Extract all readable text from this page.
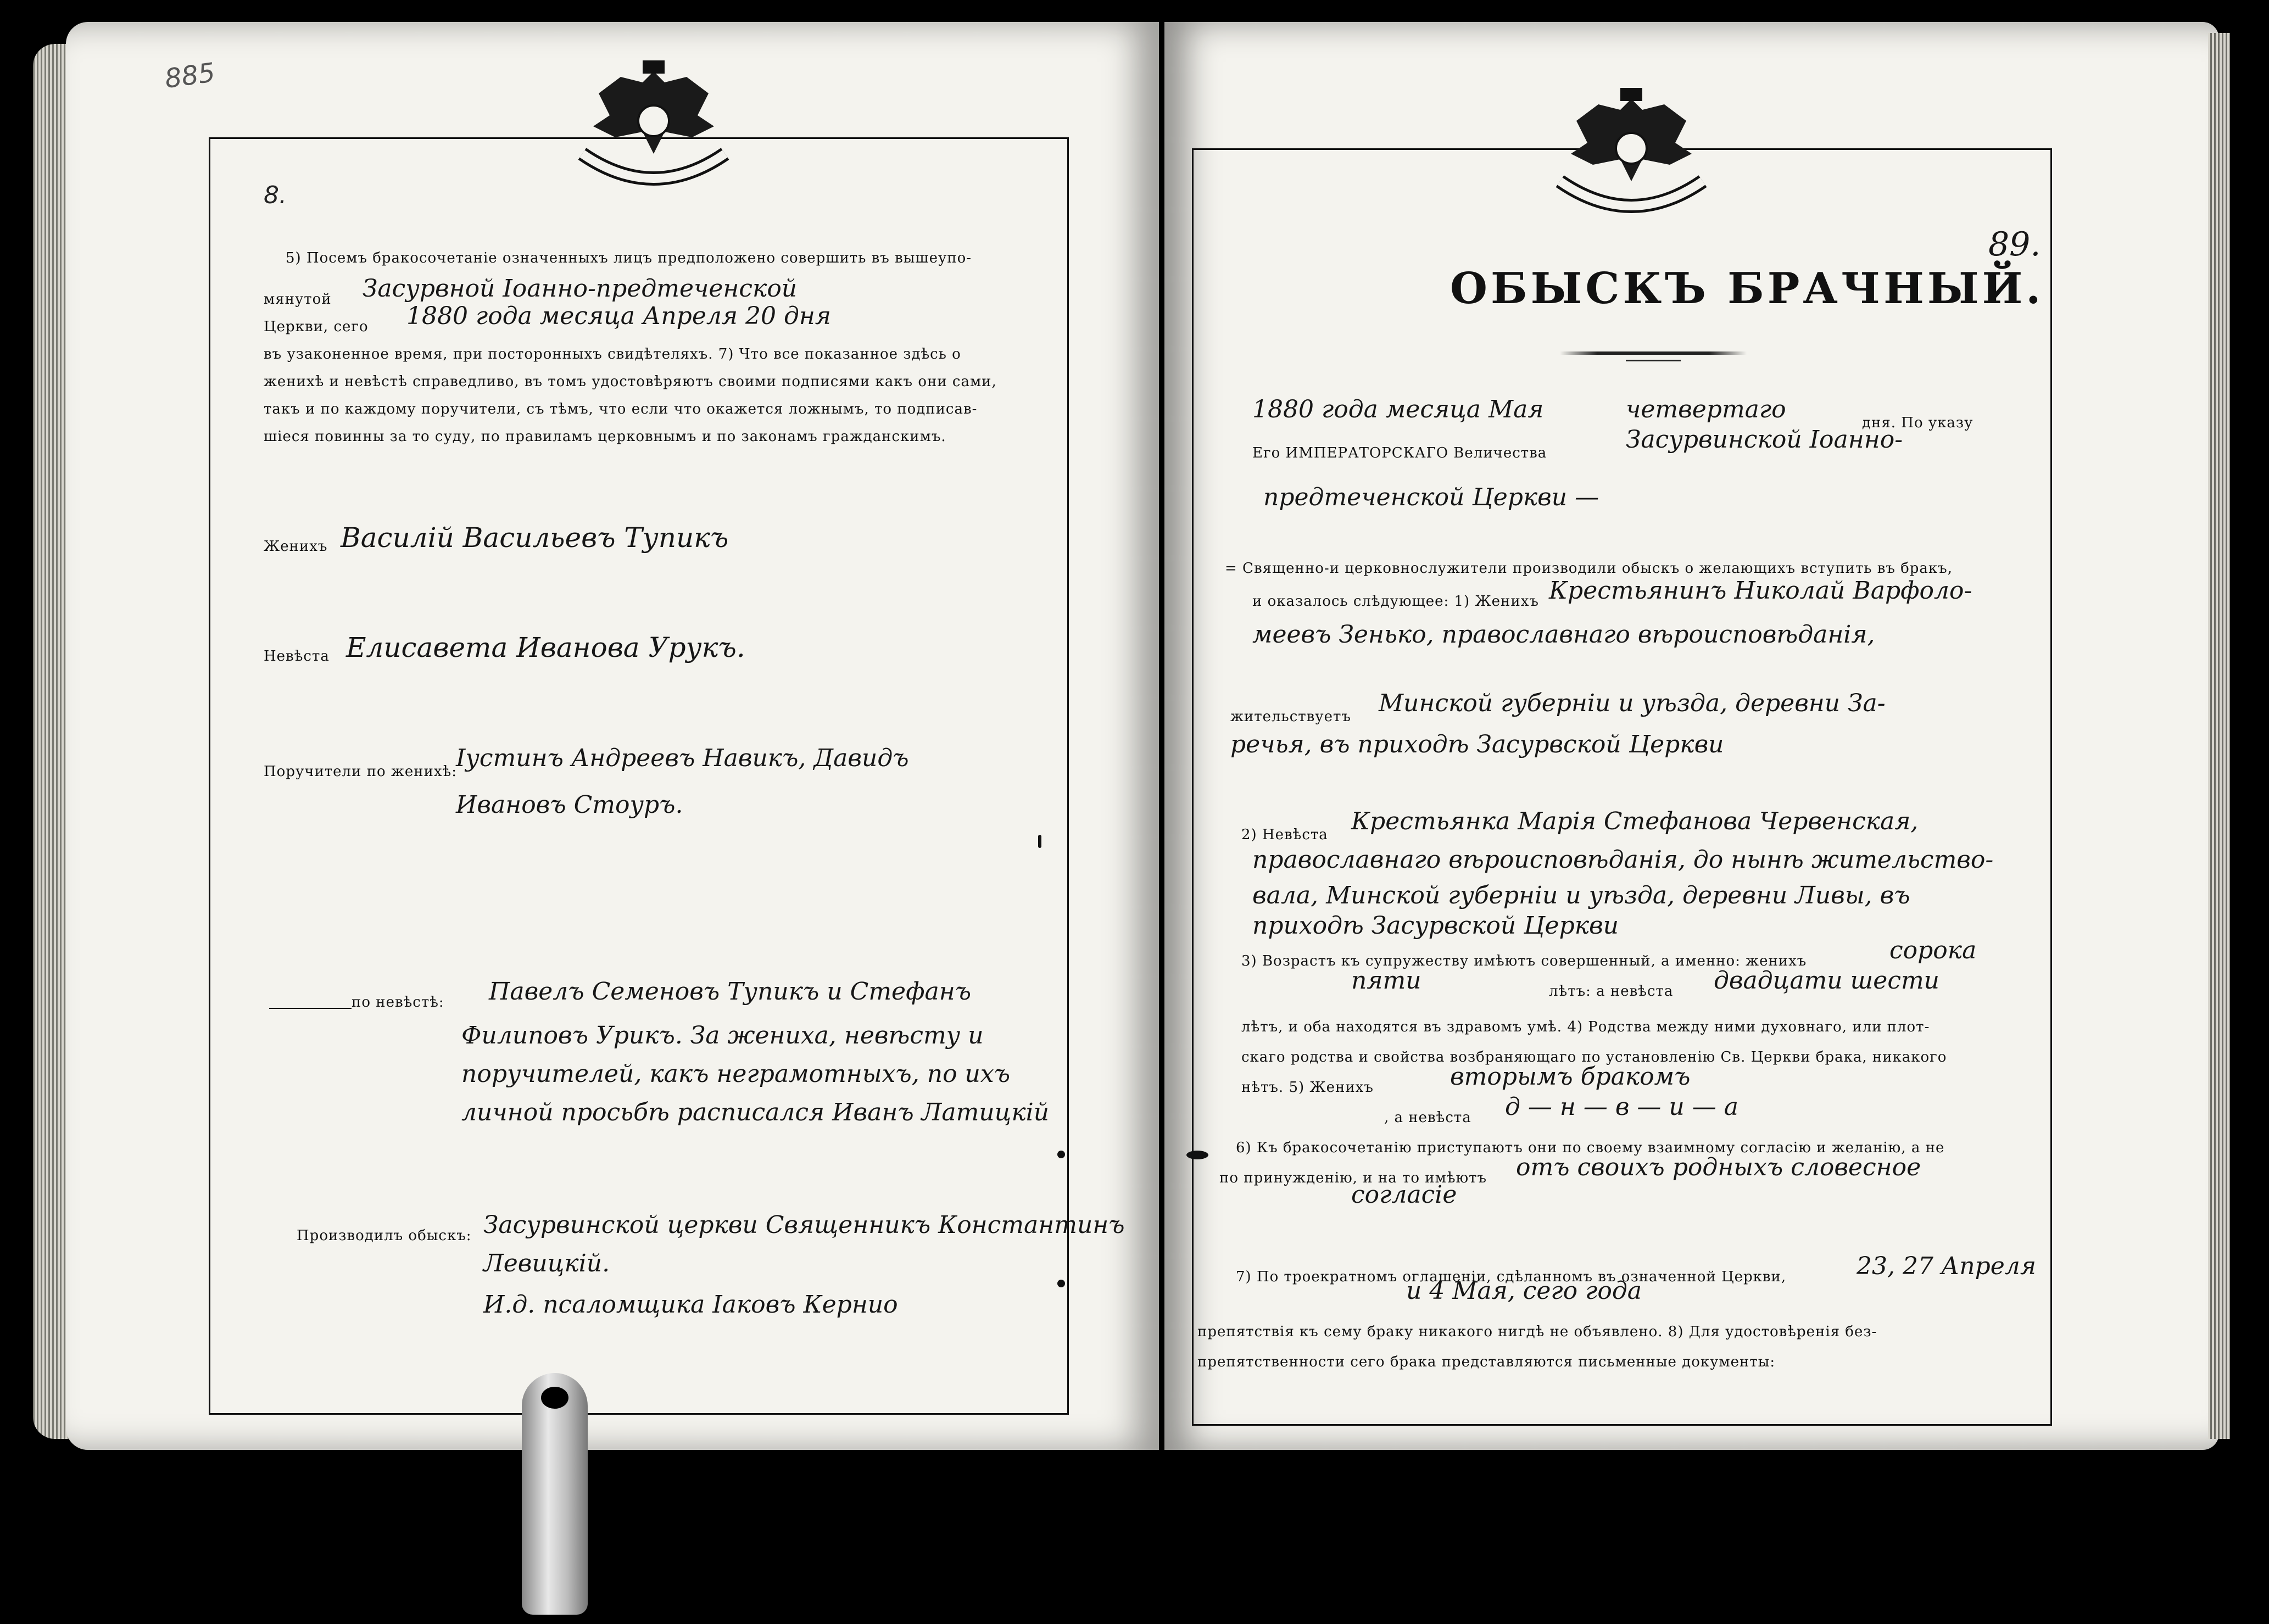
885
8.
5) Посемъ бракосочетаніе означенныхъ лицъ предположено совершить въ вышеупо-
мянутой Засурвной Іоанно-предтеченской
Церкви, сего 1880 года месяца Апреля 20 дня
въ узаконенное время, при посторонныхъ свидѣтеляхъ. 7) Что все показанное здѣсь о
женихѣ и невѣстѣ справедливо, въ томъ удостовѣряютъ своими подписями какъ они сами,
такъ и по каждому поручители, съ тѣмъ, что если что окажется ложнымъ, то подписав-
шіеся повинны за то суду, по правиламъ церковнымъ и по законамъ гражданскимъ.
Женихъ Василій Васильевъ Тупикъ
Невѣста Елисавета Иванова Урукъ.
Поручители по женихѣ:
Іустинъ Андреевъ Навикъ, Давидъ
Ивановъ Стоуръ.
по невѣстѣ: Павелъ Семеновъ Тупикъ и Стефанъ
Филиповъ Урикъ. За жениха, невѣсту и
поручителей, какъ неграмотныхъ, по ихъ
личной просьбѣ расписался Иванъ Латицкій
Производилъ обыскъ: Засурвинской церкви Священникъ Константинъ
Левицкій.
И.д. псаломщика Іаковъ Кернио
89.
ОБЫСКЪ БРАЧНЫЙ.
1880 года месяца Мая	четвертаго	дня. По указу
Его ИМПЕРАТОРСКАГО Величества	Засурвинской Іоанно-
предтеченской Церкви —
= Священно-и церковнослужители производили обыскъ о желающихъ вступить въ бракъ,
и оказалось слѣдующее: 1) Женихъ Крестьянинъ Николай Варфоло-
меевъ Зенько, православнаго вѣроисповѣданія,
жительствуетъ Минской губерніи и уѣзда, деревни За-
речья, въ приходѣ Засурвской Церкви
2) Невѣста Крестьянка Марія Стефанова Червенская,
православнаго вѣроисповѣданія, до нынѣ жительство-
вала, Минской губерніи и уѣзда, деревни Ливы, въ
приходѣ Засурвской Церкви
3) Возрастъ къ супружеству имѣютъ совершенный, а именно: женихъ	сорока
пяти	лѣтъ: а невѣста двадцати шести
лѣтъ, и оба находятся въ здравомъ умѣ. 4) Родства между ними духовнаго, или плот-
скаго родства и свойства возбраняющаго по установленію Св. Церкви брака, никакого
нѣтъ. 5) Женихъ	вторымъ бракомъ
, а невѣста д — н — в — и — а
6) Къ бракосочетанію приступаютъ они по своему взаимному согласію и желанію, а не
по принужденію, и на то имѣютъ отъ своихъ родныхъ словесное
согласіе
7) По троекратномъ оглашеніи, сдѣланномъ въ означенной Церкви,	23, 27 Апреля
и 4 Мая, сего года
препятствія къ сему браку никакого нигдѣ не объявлено. 8) Для удостовѣренія без-
препятственности сего брака представляются письменные документы:
